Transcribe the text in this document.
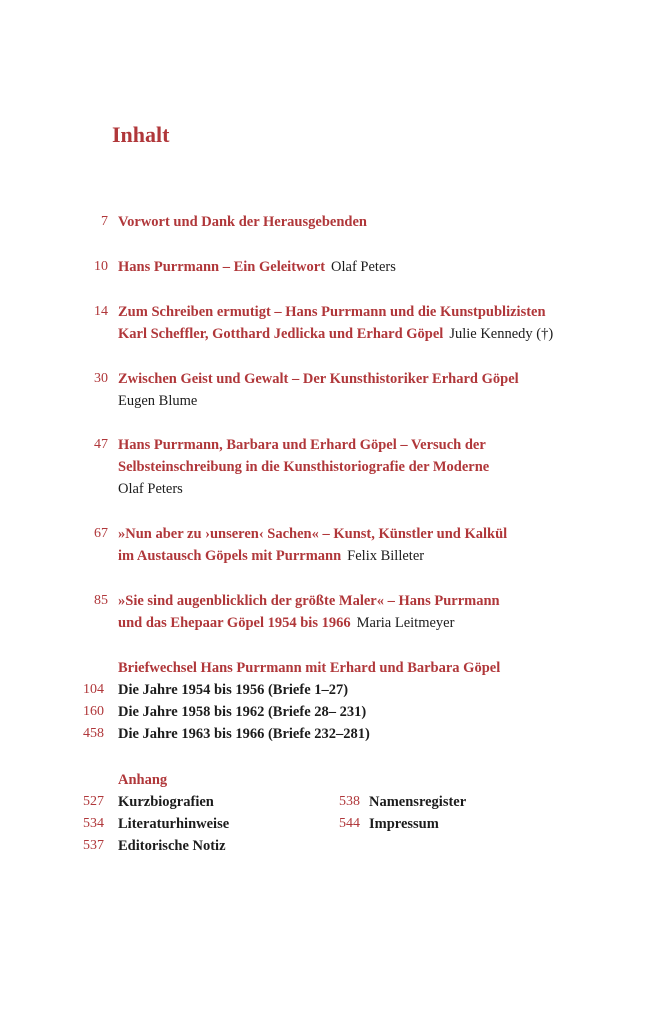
Inhalt
7 Vorwort und Dank der Herausgebenden
10 Hans Purrmann – Ein Geleitwort Olaf Peters
14 Zum Schreiben ermutigt – Hans Purrmann und die Kunstpublizisten
Karl Scheffler, Gotthard Jedlicka und Erhard Göpel Julie Kennedy (†)
30 Zwischen Geist und Gewalt – Der Kunsthistoriker Erhard Göpel
Eugen Blume
47 Hans Purrmann, Barbara und Erhard Göpel – Versuch der
Selbsteinschreibung in die Kunsthistoriografie der Moderne
Olaf Peters
67 »Nun aber zu ›unseren‹ Sachen« – Kunst, Künstler und Kalkül
im Austausch Göpels mit Purrmann Felix Billeter
85 »Sie sind augenblicklich der größte Maler« – Hans Purrmann
und das Ehepaar Göpel 1954 bis 1966 Maria Leitmeyer
Briefwechsel Hans Purrmann mit Erhard und Barbara Göpel
104 Die Jahre 1954 bis 1956 (Briefe 1–27)
160 Die Jahre 1958 bis 1962 (Briefe 28– 231)
458 Die Jahre 1963 bis 1966 (Briefe 232–281)
Anhang
527 Kurzbiografien
534 Literaturhinweise
537 Editorische Notiz
538 Namensregister
544 Impressum
